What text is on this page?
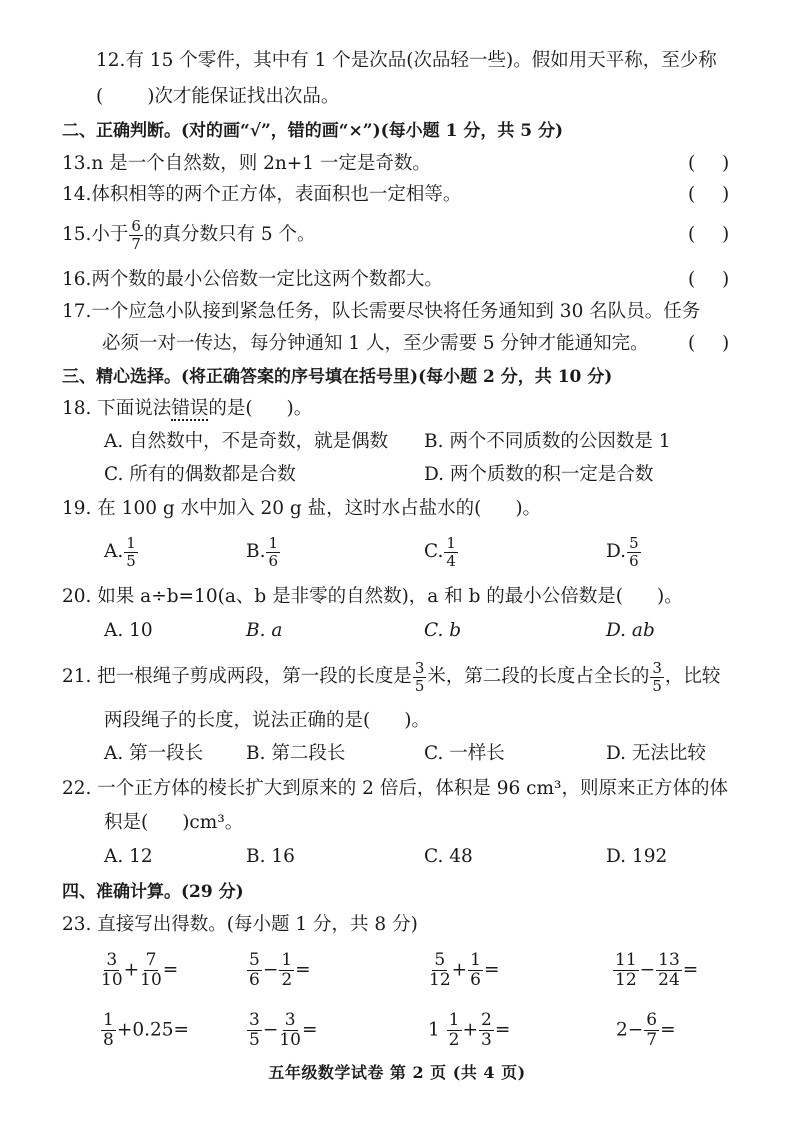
12.有 15 个零件，其中有 1 个是次品(次品轻一些)。假如用天平称，至少称
( )次才能保证找出次品。
二、正确判断。(对的画“√”，错的画“×”)(每小题 1 分，共 5 分)
13.n 是一个自然数，则 2n+1 一定是奇数。	( )
14.体积相等的两个正方体，表面积也一定相等。	( )
15.小于 $\frac{6}{7}$ 的真分数只有 5 个。	( )
16.两个数的最小公倍数一定比这两个数都大。	( )
17.一个应急小队接到紧急任务，队长需要尽快将任务通知到 30 名队员。任务
必须一对一传达，每分钟通知 1 人，至少需要 5 分钟才能通知完。 ( )
三、精心选择。(将正确答案的序号填在括号里)(每小题 2 分，共 10 分)
18. 下面说法错误的是( )。
A. 自然数中，不是奇数，就是偶数 B. 两个不同质数的公因数是 1
C. 所有的偶数都是合数	D. 两个质数的积一定是合数
19. 在 100 g 水中加入 20 g 盐，这时水占盐水的( )。
A. $\frac{1}{5}$	B. $\frac{1}{6}$	C. $\frac{1}{4}$	D. $\frac{5}{6}$
20. 如果 a÷b=10(a、b 是非零的自然数)，a 和 b 的最小公倍数是( )。
A. 10	B. a	C. b	D. ab
21. 把一根绳子剪成两段，第一段的长度是 $\frac{3}{5}$ 米，第二段的长度占全长的 $\frac{3}{5}$ ，比较
两段绳子的长度，说法正确的是( )。
A. 第一段长 B. 第二段长	C. 一样长	D. 无法比较
22. 一个正方体的棱长扩大到原来的 2 倍后，体积是 96 cm³，则原来正方体的体
积是( )cm³。
A. 12	B. 16	C. 48	D. 192
四、准确计算。(29 分)
23. 直接写出得数。(每小题 1 分，共 8 分)
$\frac{3}{10} + \frac{7}{10}$ =	$\frac{5}{6} - \frac{1}{2}$ =	$\frac{5}{12} + \frac{1}{6}$ =	$\frac{11}{12} - \frac{13}{24}$ =
$\frac{1}{8} +0.25=$	$\frac{3}{5} - \frac{3}{10}$ =	$1 \frac{1}{2} + \frac{2}{3}$ =	$2- \frac{6}{7}$ =
五年级数学试卷 第 2 页 (共 4 页)
